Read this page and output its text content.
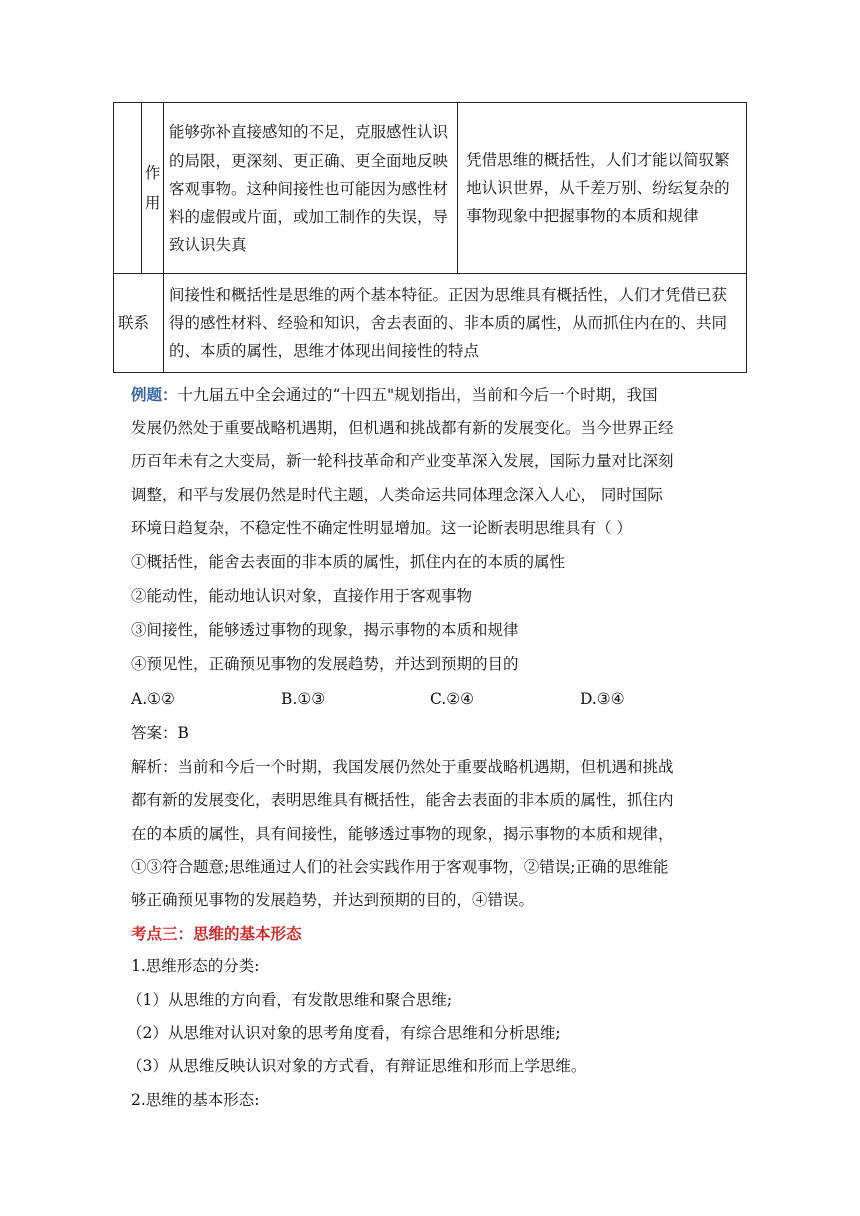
	作用	能够弥补直接感知的不足，克服感性认识的局限，更深刻、更正确、更全面地反映客观事物。这种间接性也可能因为感性材料的虚假或片面，或加工制作的失误，导致认识失真	凭借思维的概括性，人们才能以简驭繁地认识世界，从千差万别、纷纭复杂的事物现象中把握事物的本质和规律
联系		间接性和概括性是思维的两个基本特征。正因为思维具有概括性，人们才凭借已获得的感性材料、经验和知识，舍去表面的、非本质的属性，从而抓住内在的、共同的、本质的属性，思维才体现出间接性的特点	
例题：十九届五中全会通过的“十四五"规划指出，当前和今后一个时期，我国
发展仍然处于重要战略机遇期，但机遇和挑战都有新的发展变化。当今世界正经
历百年未有之大变局，新一轮科技革命和产业变革深入发展，国际力量对比深刻
调整，和平与发展仍然是时代主题，人类命运共同体理念深入人心， 同时国际
环境日趋复杂，不稳定性不确定性明显增加。这一论断表明思维具有（ ）
①概括性，能舍去表面的非本质的属性，抓住内在的本质的属性
②能动性，能动地认识对象，直接作用于客观事物
③间接性，能够透过事物的现象，揭示事物的本质和规律
④预见性，正确预见事物的发展趋势，并达到预期的目的
A.①②	B.①③	C.②④	D.③④
答案：B
解析：当前和今后一个时期，我国发展仍然处于重要战略机遇期，但机遇和挑战
都有新的发展变化，表明思维具有概括性，能舍去表面的非本质的属性，抓住内
在的本质的属性，具有间接性，能够透过事物的现象，揭示事物的本质和规律，
①③符合题意;思维通过人们的社会实践作用于客观事物，②错误;正确的思维能
够正确预见事物的发展趋势，并达到预期的目的，④错误。
考点三：思维的基本形态
1.思维形态的分类:
（1）从思维的方向看，有发散思维和聚合思维;
（2）从思维对认识对象的思考角度看，有综合思维和分析思维;
（3）从思维反映认识对象的方式看，有辩证思维和形而上学思维。
2.思维的基本形态:
